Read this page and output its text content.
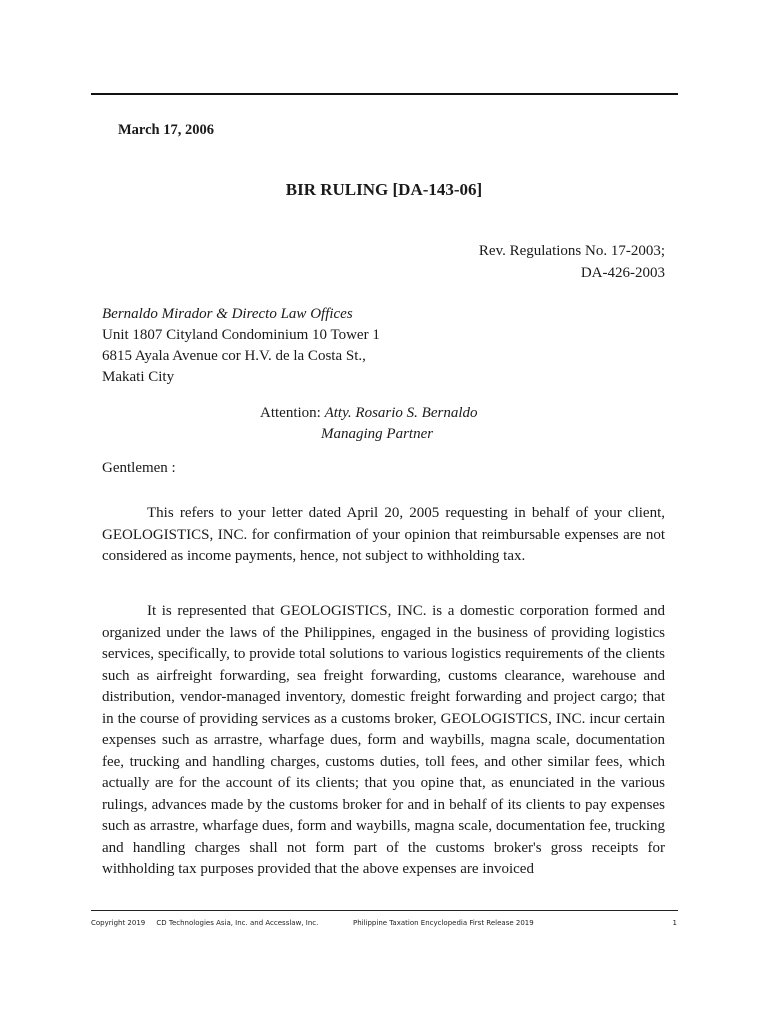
March 17, 2006
BIR RULING [DA-143-06]
Rev. Regulations No. 17-2003;
DA-426-2003
Bernaldo Mirador & Directo Law Offices
Unit 1807 Cityland Condominium 10 Tower 1
6815 Ayala Avenue cor H.V. de la Costa St.,
Makati City
Attention: Atty. Rosario S. Bernaldo
Managing Partner
Gentlemen :

This refers to your letter dated April 20, 2005 requesting in behalf of your client, GEOLOGISTICS, INC. for confirmation of your opinion that reimbursable expenses are not considered as income payments, hence, not subject to withholding tax.

It is represented that GEOLOGISTICS, INC. is a domestic corporation formed and organized under the laws of the Philippines, engaged in the business of providing logistics services, specifically, to provide total solutions to various logistics requirements of the clients such as airfreight forwarding, sea freight forwarding, customs clearance, warehouse and distribution, vendor-managed inventory, domestic freight forwarding and project cargo; that in the course of providing services as a customs broker, GEOLOGISTICS, INC. incur certain expenses such as arrastre, wharfage dues, form and waybills, magna scale, documentation fee, trucking and handling charges, customs duties, toll fees, and other similar fees, which actually are for the account of its clients; that you opine that, as enunciated in the various rulings, advances made by the customs broker for and in behalf of its clients to pay expenses such as arrastre, wharfage dues, form and waybills, magna scale, documentation fee, trucking and handling charges shall not form part of the customs broker's gross receipts for withholding tax purposes provided that the above expenses are invoiced

Copyright 2019     CD Technologies Asia, Inc. and Accesslaw, Inc.	Philippine Taxation Encyclopedia First Release 2019	1
